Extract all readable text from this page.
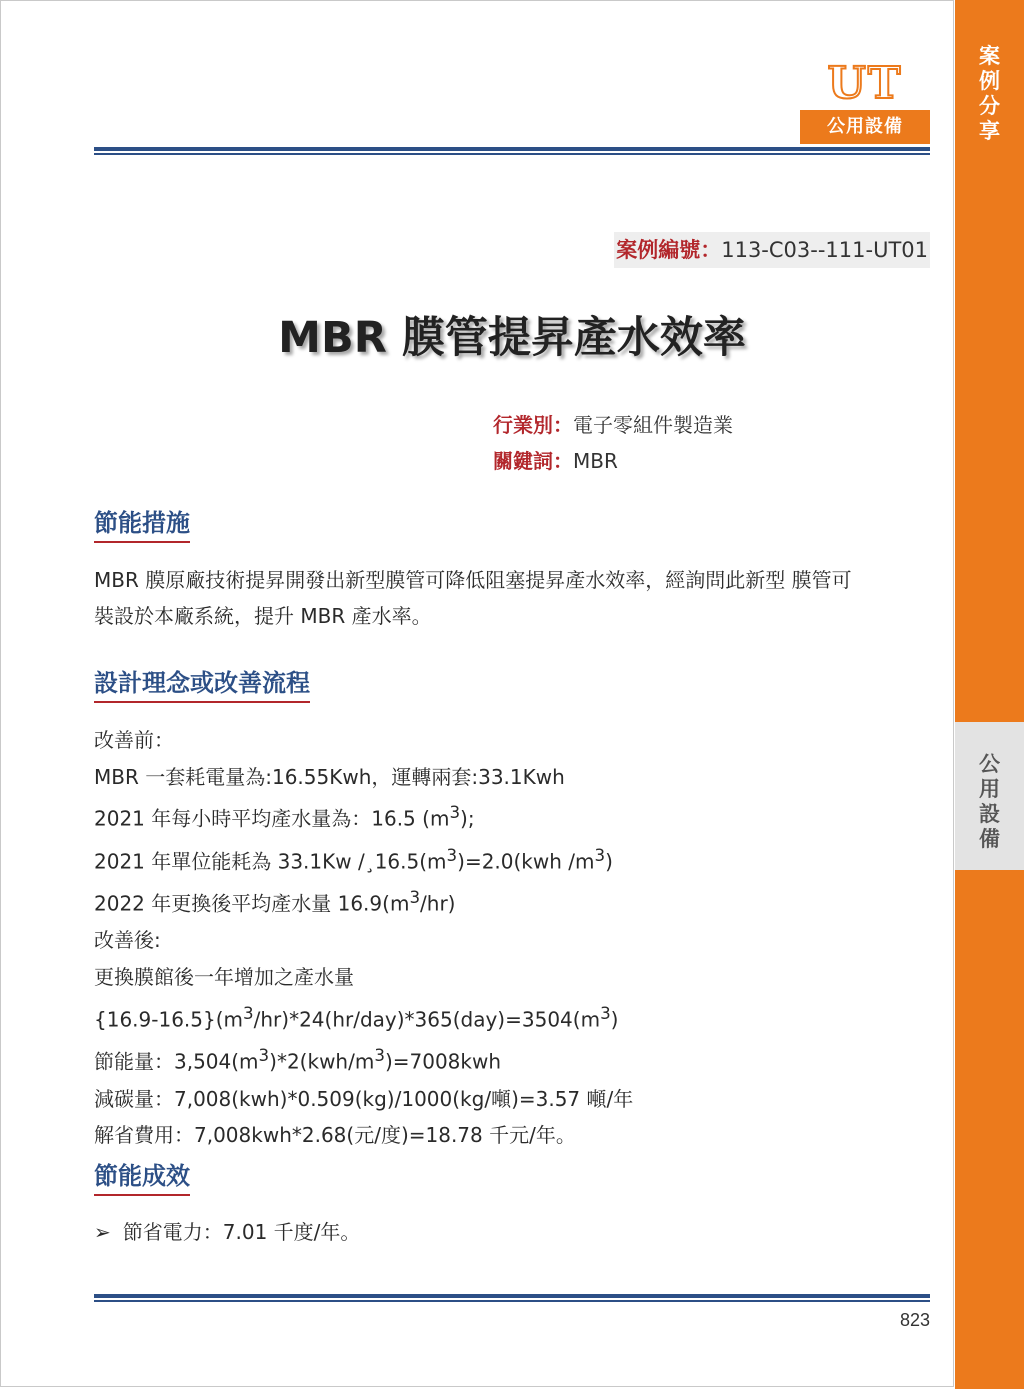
案
例
分
享
公
用
設
備
UT
公用設備
案例編號：113-C03--111-UT01
MBR 膜管提昇產水效率
行業別：電子零組件製造業
關鍵詞：MBR
節能措施
MBR 膜原廠技術提昇開發出新型膜管可降低阻塞提昇產水效率，經詢問此新型 膜管可
裝設於本廠系統，提升 MBR 產水率。
設計理念或改善流程
改善前：
MBR 一套耗電量為:16.55Kwh，運轉兩套:33.1Kwh
2021 年每小時平均產水量為：16.5 $(m^3)$;
2021 年單位能耗為 33.1Kw $/¸16.5(m^3)=2.0(kwh$ $/m^3$)
2022 年更換後平均產水量 $16.9(m^3/hr)$
改善後:
更換膜館後一年增加之產水量
$\{16.9-16.5\}(m^3/hr)*24(hr/day)*365(day)=3504(m^3)$
節能量：$3,504(m^3)*2(kwh/m^3)=7008kwh$
減碳量：7,008(kwh)*0.509(kg)/1000(kg/噸)=3.57 噸/年
解省費用：7,008kwh*2.68(元/度)=18.78 千元/年。
節能成效
➢ 節省電力：7.01 千度/年。
823
